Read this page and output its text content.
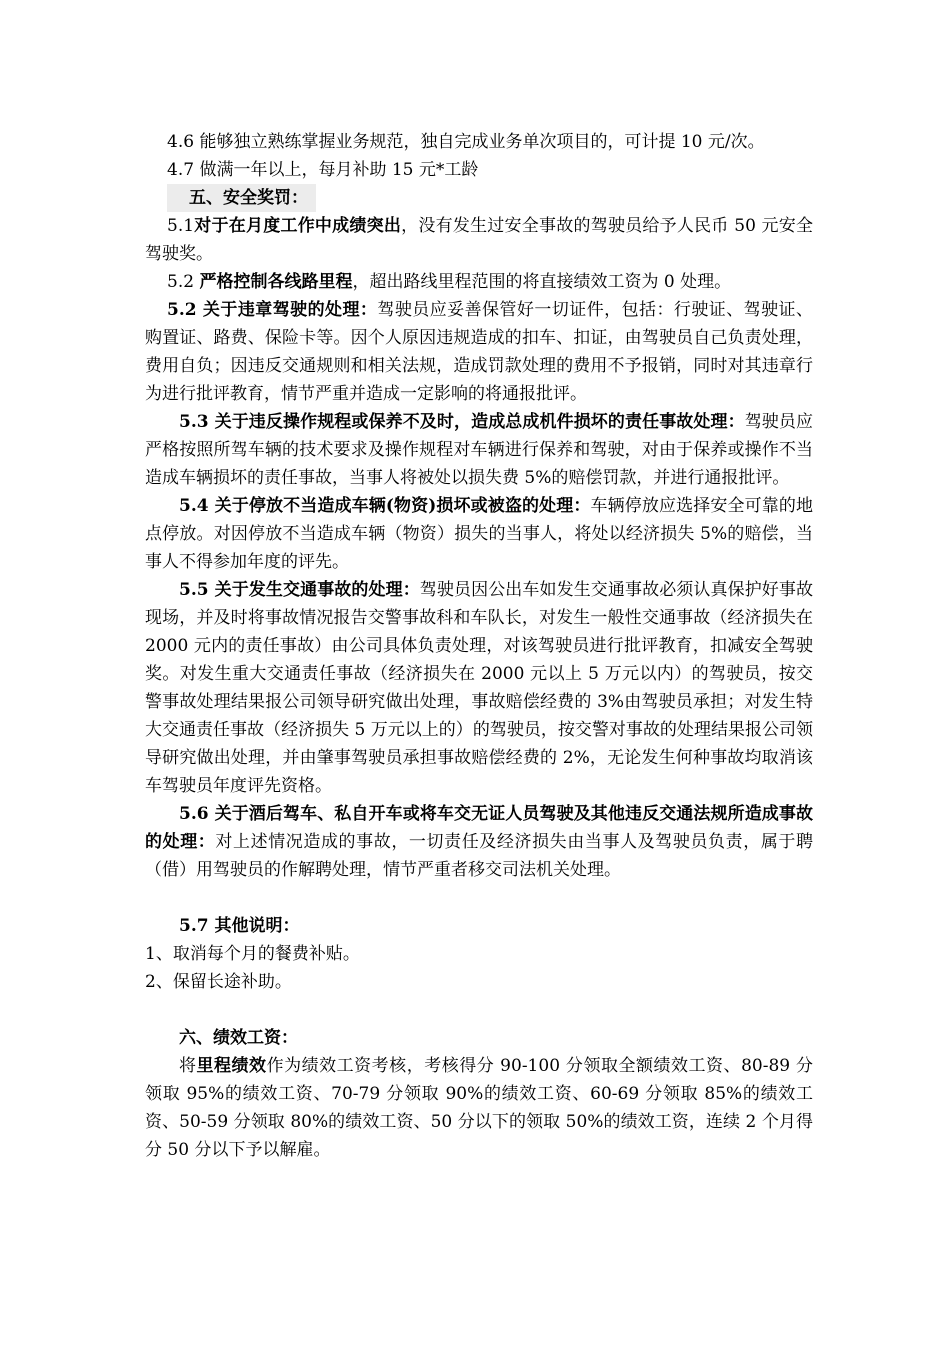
4.6 能够独立熟练掌握业务规范，独自完成业务单次项目的，可计提 10 元/次。

4.7 做满一年以上，每月补助 15 元*工龄

五、安全奖罚：

5.1对于在月度工作中成绩突出，没有发生过安全事故的驾驶员给予人民币 50 元安全驾驶奖。

5.2 严格控制各线路里程，超出路线里程范围的将直接绩效工资为 0 处理。

5.2 关于违章驾驶的处理：驾驶员应妥善保管好一切证件，包括：行驶证、驾驶证、购置证、路费、保险卡等。因个人原因违规造成的扣车、扣证，由驾驶员自己负责处理，费用自负；因违反交通规则和相关法规，造成罚款处理的费用不予报销，同时对其违章行为进行批评教育，情节严重并造成一定影响的将通报批评。

5.3 关于违反操作规程或保养不及时，造成总成机件损坏的责任事故处理：驾驶员应严格按照所驾车辆的技术要求及操作规程对车辆进行保养和驾驶，对由于保养或操作不当造成车辆损坏的责任事故，当事人将被处以损失费 5%的赔偿罚款，并进行通报批评。

5.4 关于停放不当造成车辆(物资)损坏或被盗的处理：车辆停放应选择安全可靠的地点停放。对因停放不当造成车辆（物资）损失的当事人，将处以经济损失 5%的赔偿，当事人不得参加年度的评先。

5.5 关于发生交通事故的处理：驾驶员因公出车如发生交通事故必须认真保护好事故现场，并及时将事故情况报告交警事故科和车队长，对发生一般性交通事故（经济损失在 2000 元内的责任事故）由公司具体负责处理，对该驾驶员进行批评教育，扣减安全驾驶奖。对发生重大交通责任事故（经济损失在 2000 元以上 5 万元以内）的驾驶员，按交警事故处理结果报公司领导研究做出处理，事故赔偿经费的 3%由驾驶员承担；对发生特大交通责任事故（经济损失 5 万元以上的）的驾驶员，按交警对事故的处理结果报公司领导研究做出处理，并由肇事驾驶员承担事故赔偿经费的 2%，无论发生何种事故均取消该车驾驶员年度评先资格。

5.6 关于酒后驾车、私自开车或将车交无证人员驾驶及其他违反交通法规所造成事故的处理：对上述情况造成的事故，一切责任及经济损失由当事人及驾驶员负责，属于聘（借）用驾驶员的作解聘处理，情节严重者移交司法机关处理。

5.7 其他说明：

1、取消每个月的餐费补贴。

2、保留长途补助。

六、绩效工资：

将里程绩效作为绩效工资考核，考核得分 90-100 分领取全额绩效工资、80-89 分领取 95%的绩效工资、70-79 分领取 90%的绩效工资、60-69 分领取 85%的绩效工资、50-59 分领取 80%的绩效工资、50 分以下的领取 50%的绩效工资，连续 2 个月得分 50 分以下予以解雇。
